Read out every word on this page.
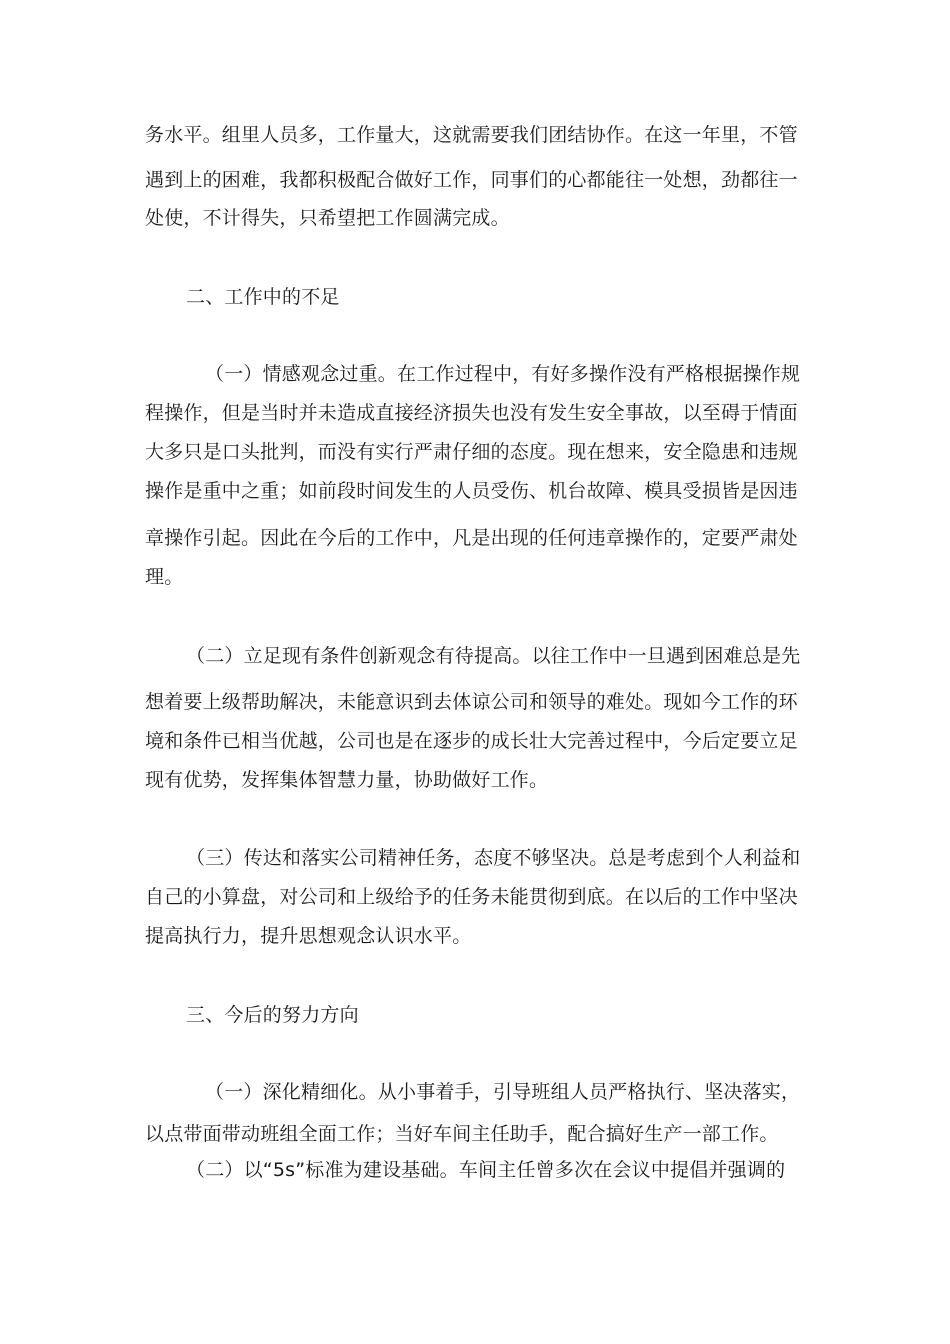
务水平。组里人员多，工作量大，这就需要我们团结协作。在这一年里，不管
遇到上的困难，我都积极配合做好工作，同事们的心都能往一处想，劲都往一
处使，不计得失，只希望把工作圆满完成。
二、工作中的不足
（一）情感观念过重。在工作过程中，有好多操作没有严格根据操作规
程操作，但是当时并未造成直接经济损失也没有发生安全事故，以至碍于情面
大多只是口头批判，而没有实行严肃仔细的态度。现在想来，安全隐患和违规
操作是重中之重；如前段时间发生的人员受伤、机台故障、模具受损皆是因违
章操作引起。因此在今后的工作中，凡是出现的任何违章操作的，定要严肃处
理。
（二）立足现有条件创新观念有待提高。以往工作中一旦遇到困难总是先
想着要上级帮助解决，未能意识到去体谅公司和领导的难处。现如今工作的环
境和条件已相当优越，公司也是在逐步的成长壮大完善过程中，今后定要立足
现有优势，发挥集体智慧力量，协助做好工作。
（三）传达和落实公司精神任务，态度不够坚决。总是考虑到个人利益和
自己的小算盘，对公司和上级给予的任务未能贯彻到底。在以后的工作中坚决
提高执行力，提升思想观念认识水平。
三、今后的努力方向
（一）深化精细化。从小事着手，引导班组人员严格执行、坚决落实，
以点带面带动班组全面工作；当好车间主任助手，配合搞好生产一部工作。
（二）以“5s”标准为建设基础。车间主任曾多次在会议中提倡并强调的
